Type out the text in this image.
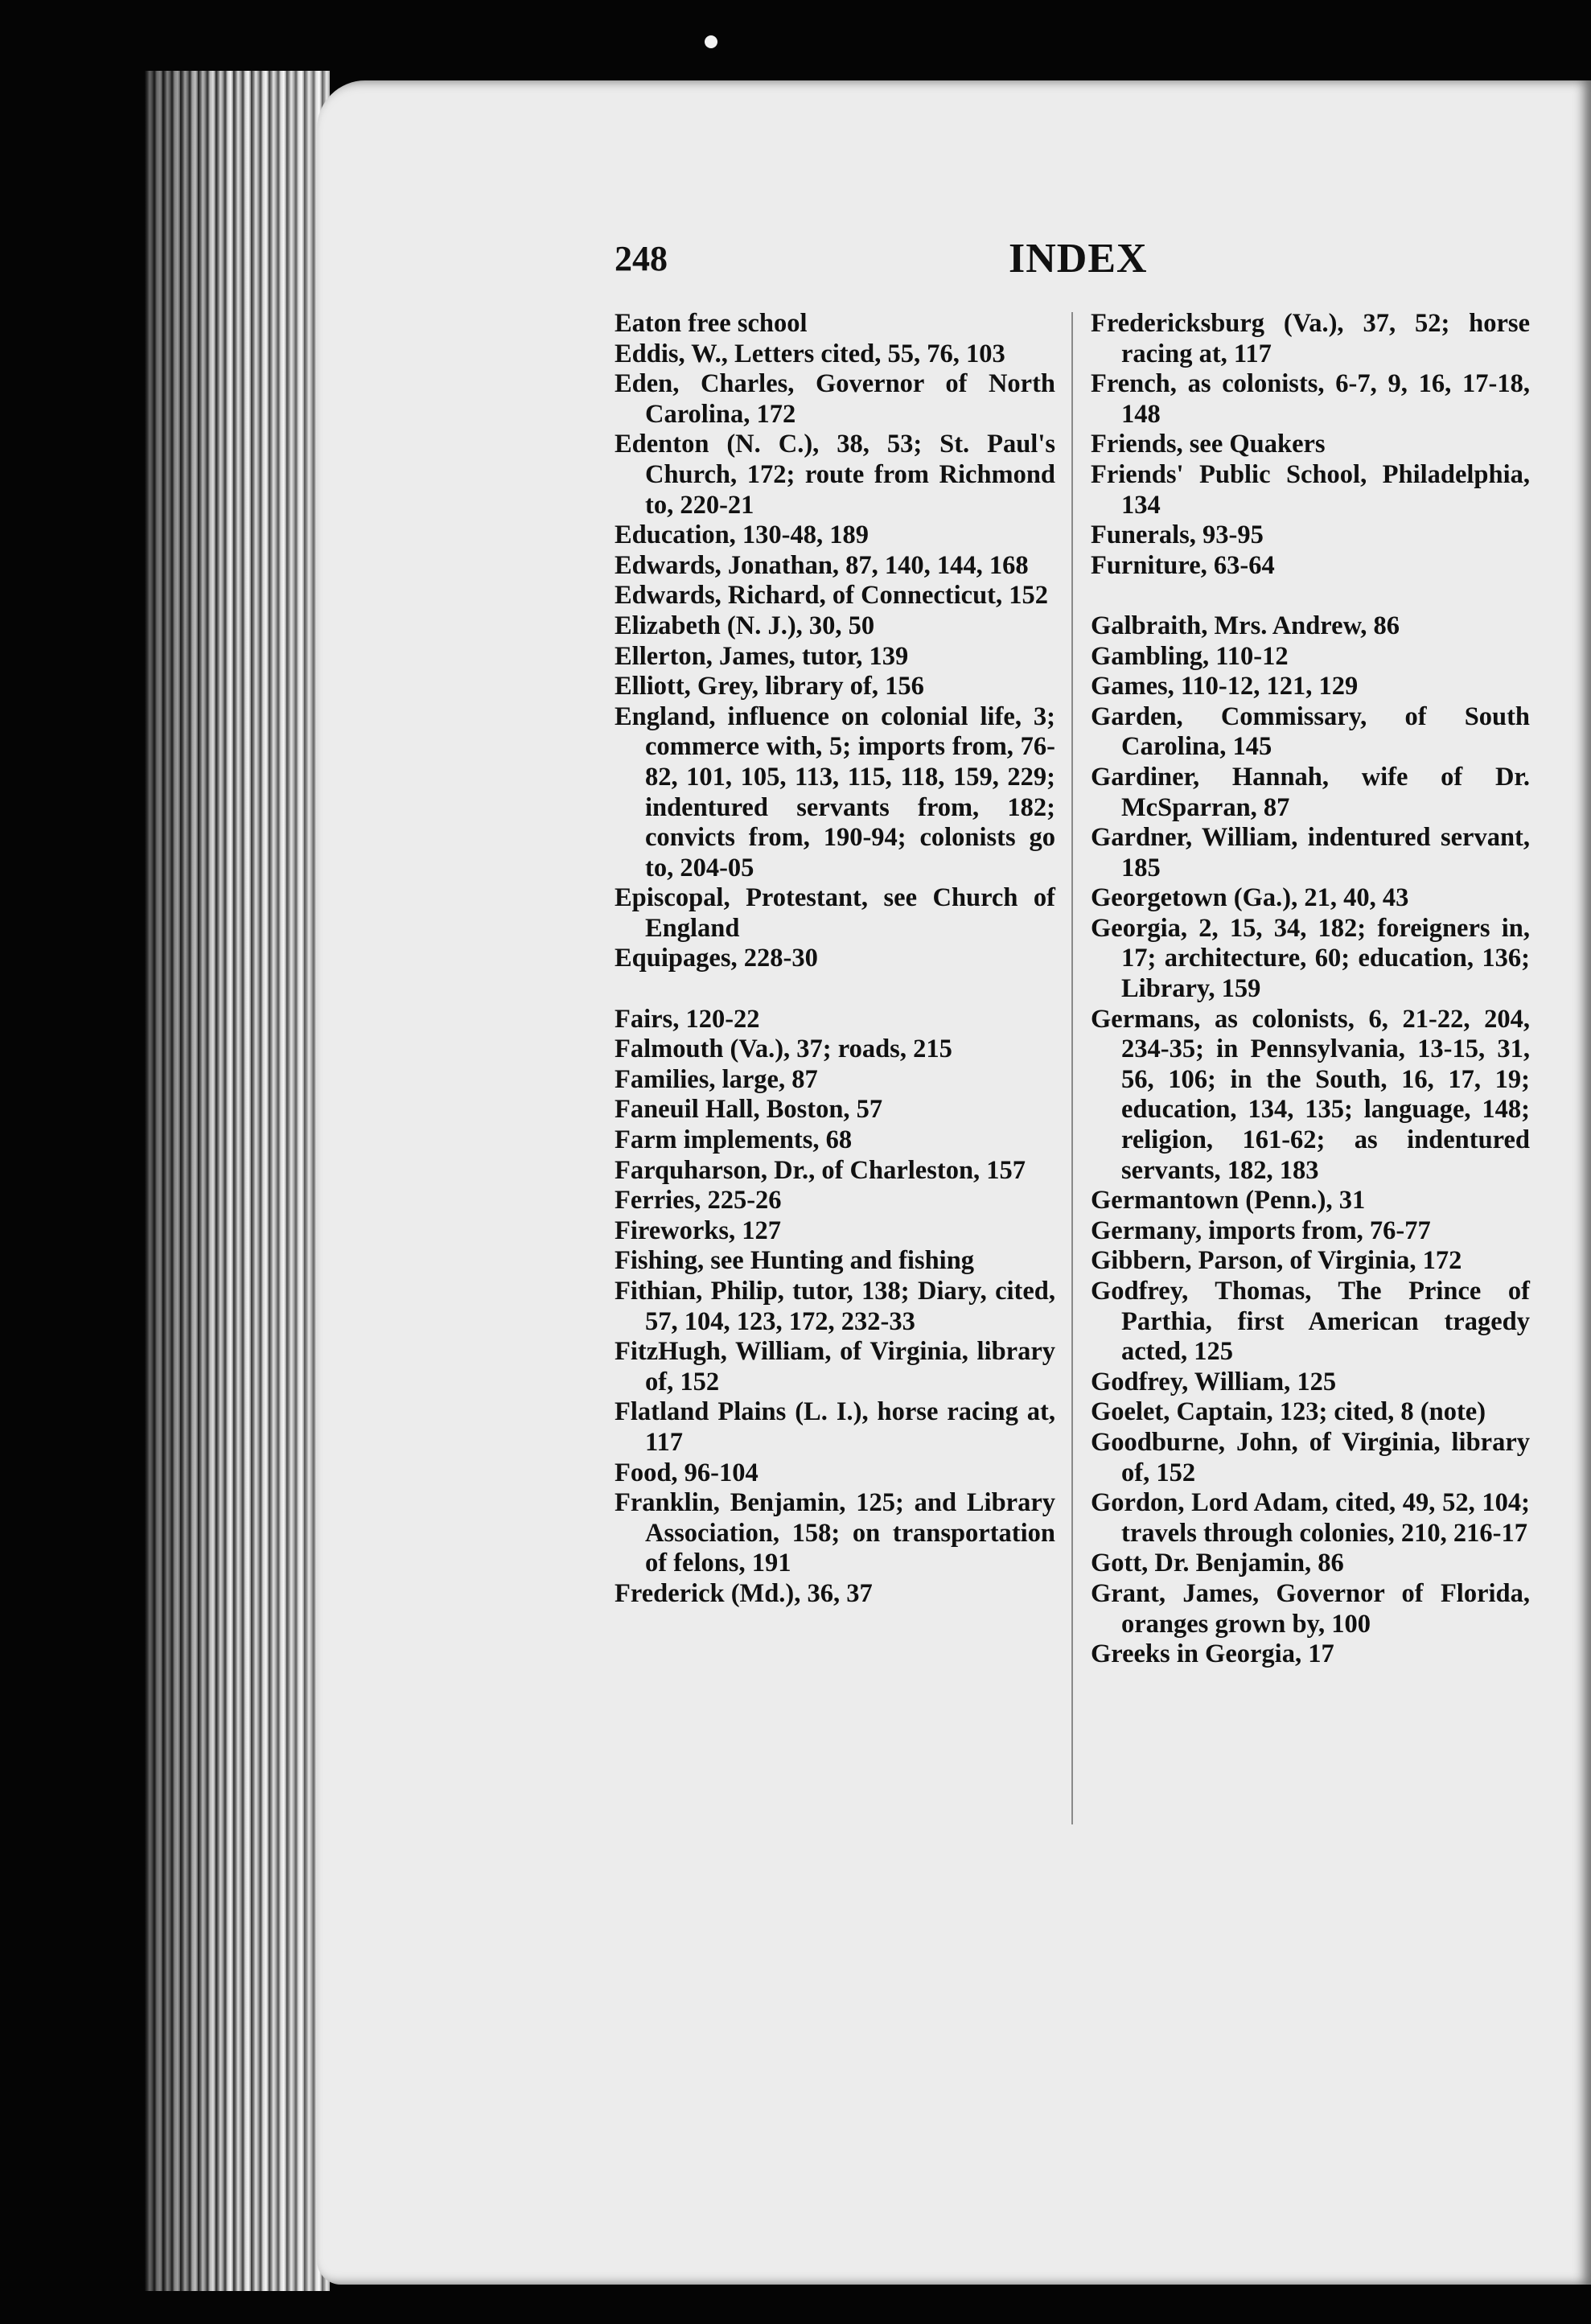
248	INDEX

Eaton free school

Eddis, W., Letters cited, 55, 76, 103

Eden, Charles, Governor of North Carolina, 172

Edenton (N. C.), 38, 53; St. Paul's Church, 172; route from Richmond to, 220-21

Education, 130-48, 189

Edwards, Jonathan, 87, 140, 144, 168

Edwards, Richard, of Connecticut, 152

Elizabeth (N. J.), 30, 50

Ellerton, James, tutor, 139

Elliott, Grey, library of, 156

England, influence on colonial life, 3; commerce with, 5; imports from, 76-82, 101, 105, 113, 115, 118, 159, 229; indentured servants from, 182; convicts from, 190-94; colonists go to, 204-05

Episcopal, Protestant, see Church of England

Equipages, 228-30

Fairs, 120-22

Falmouth (Va.), 37; roads, 215

Families, large, 87

Faneuil Hall, Boston, 57

Farm implements, 68

Farquharson, Dr., of Charleston, 157

Ferries, 225-26

Fireworks, 127

Fishing, see Hunting and fishing

Fithian, Philip, tutor, 138; Diary, cited, 57, 104, 123, 172, 232-33

FitzHugh, William, of Virginia, library of, 152

Flatland Plains (L. I.), horse racing at, 117

Food, 96-104

Franklin, Benjamin, 125; and Library Association, 158; on transportation of felons, 191

Frederick (Md.), 36, 37

Fredericksburg (Va.), 37, 52; horse racing at, 117

French, as colonists, 6-7, 9, 16, 17-18, 148

Friends, see Quakers

Friends' Public School, Philadelphia, 134

Funerals, 93-95

Furniture, 63-64

Galbraith, Mrs. Andrew, 86

Gambling, 110-12

Games, 110-12, 121, 129

Garden, Commissary, of South Carolina, 145

Gardiner, Hannah, wife of Dr. McSparran, 87

Gardner, William, indentured servant, 185

Georgetown (Ga.), 21, 40, 43

Georgia, 2, 15, 34, 182; foreigners in, 17; architecture, 60; education, 136; Library, 159

Germans, as colonists, 6, 21-22, 204, 234-35; in Pennsylvania, 13-15, 31, 56, 106; in the South, 16, 17, 19; education, 134, 135; language, 148; religion, 161-62; as indentured servants, 182, 183

Germantown (Penn.), 31

Germany, imports from, 76-77

Gibbern, Parson, of Virginia, 172

Godfrey, Thomas, The Prince of Parthia, first American tragedy acted, 125

Godfrey, William, 125

Goelet, Captain, 123; cited, 8 (note)

Goodburne, John, of Virginia, library of, 152

Gordon, Lord Adam, cited, 49, 52, 104; travels through colonies, 210, 216-17

Gott, Dr. Benjamin, 86

Grant, James, Governor of Florida, oranges grown by, 100

Greeks in Georgia, 17
